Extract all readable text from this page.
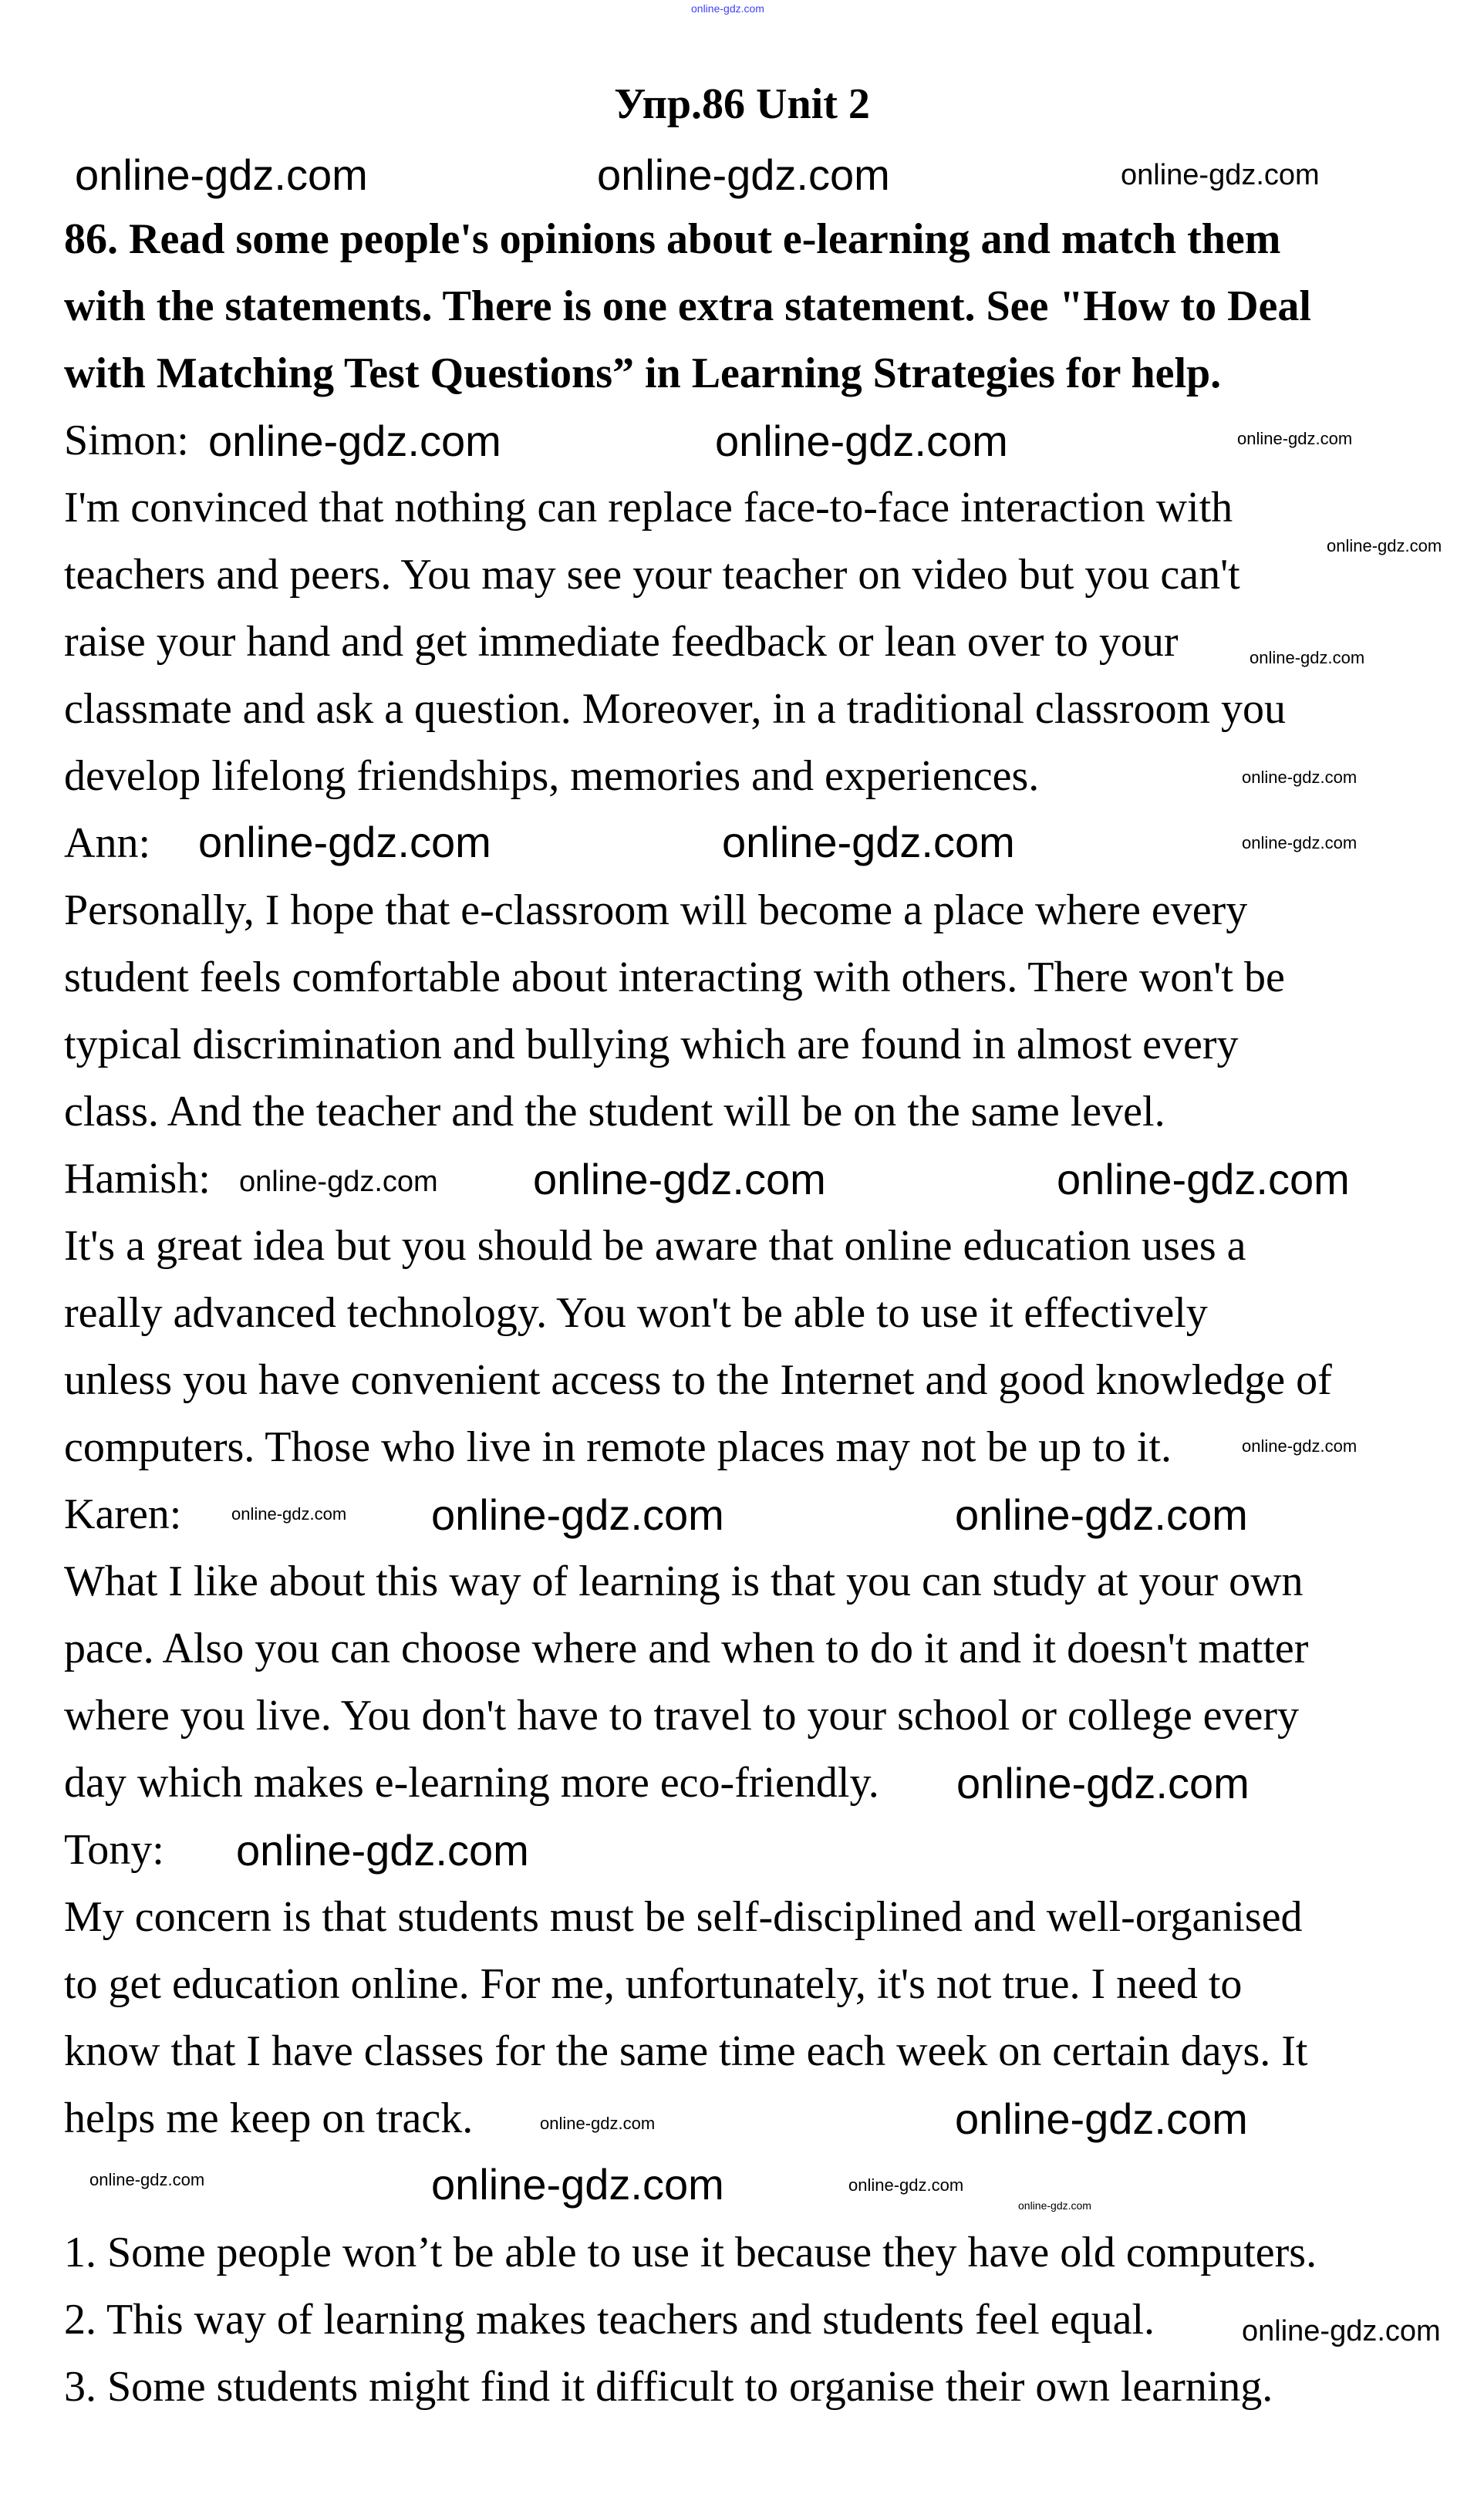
Упр.86 Unit 2
86. Read some people's opinions about e-learning and match them
with the statements. There is one extra statement. See "How to Deal
with Matching Test Questions” in Learning Strategies for help.
Simon:
I'm convinced that nothing can replace face-to-face interaction with
teachers and peers. You may see your teacher on video but you can't
raise your hand and get immediate feedback or lean over to your
classmate and ask a question. Moreover, in a traditional classroom you
develop lifelong friendships, memories and experiences.
Ann:
Personally, I hope that e-classroom will become a place where every
student feels comfortable about interacting with others. There won't be
typical discrimination and bullying which are found in almost every
class. And the teacher and the student will be on the same level.
Hamish:
It's a great idea but you should be aware that online education uses a
really advanced technology. You won't be able to use it effectively
unless you have convenient access to the Internet and good knowledge of
computers. Those who live in remote places may not be up to it.
Karen:
What I like about this way of learning is that you can study at your own
pace. Also you can choose where and when to do it and it doesn't matter
where you live. You don't have to travel to your school or college every
day which makes e-learning more eco-friendly.
Tony:
My concern is that students must be self-disciplined and well-organised
to get education online. For me, unfortunately, it's not true. I need to
know that I have classes for the same time each week on certain days. It
helps me keep on track.
1. Some people won’t be able to use it because they have old computers.
2. This way of learning makes teachers and students feel equal.
3. Some students might find it difficult to organise their own learning.
online-gdz.com
online-gdz.com	online-gdz.com	online-gdz.com
online-gdz.com
online-gdz.com	online-gdz.com
online-gdz.com
online-gdz.com
online-gdz.com
online-gdz.com	online-gdz.com	online-gdz.com
online-gdz.com
online-gdz.com
online-gdz.com
online-gdz.com
online-gdz.com	online-gdz.com
online-gdz.com
online-gdz.com
online-gdz.com
online-gdz.com
online-gdz.com
online-gdz.com
online-gdz.com	online-gdz.com
online-gdz.com
online-gdz.com
